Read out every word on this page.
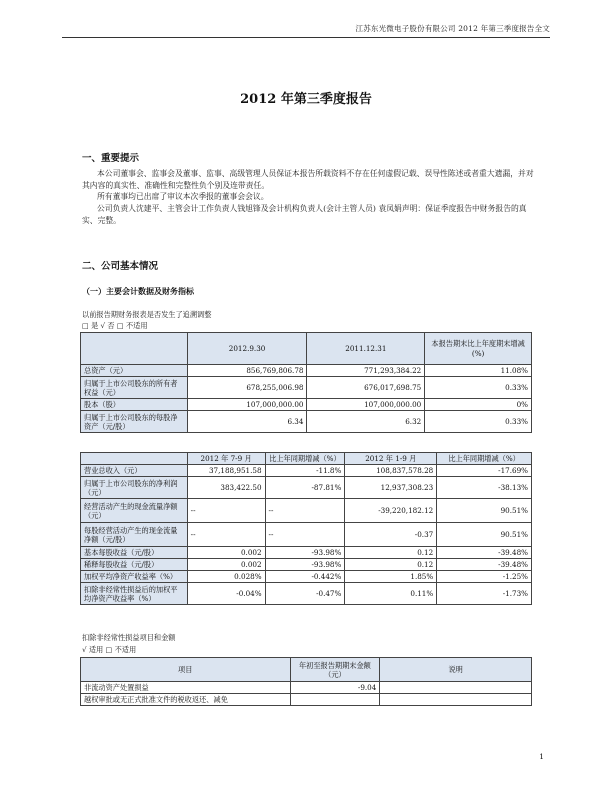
江苏东光微电子股份有限公司 2012 年第三季度报告全文
2012 年第三季度报告
一、重要提示
本公司董事会、监事会及董事、监事、高级管理人员保证本报告所载资料不存在任何虚假记载、误导性陈述或者重大遗漏，并对其内容的真实性、准确性和完整性负个别及连带责任。
所有董事均已出席了审议本次季报的董事会会议。
公司负责人沈建平、主管会计工作负责人钱旭锋及会计机构负责人(会计主管人员) 袁凤娟声明：保证季度报告中财务报告的真实、完整。
二、公司基本情况
（一）主要会计数据及财务指标
以前报告期财务报表是否发生了追溯调整
□ 是 √ 否 □ 不适用
	2012.9.30	2011.12.31	本报告期末比上年度期末增减(%)
总资产（元）	856,769,806.78	771,293,384.22	11.08%
归属于上市公司股东的所有者权益（元）	678,255,006.98	676,017,698.75	0.33%
股本（股）	107,000,000.00	107,000,000.00	0%
归属于上市公司股东的每股净资产（元/股）	6.34	6.32	0.33%
	2012 年 7-9 月	比上年同期增减（%）	2012 年 1-9 月	比上年同期增减（%）
营业总收入（元）	37,188,951.58	-11.8%	108,837,578.28	-17.69%
归属于上市公司股东的净利润（元）	383,422.50	-87.81%	12,937,308.23	-38.13%
经营活动产生的现金流量净额（元）	--	--	-39,220,182.12	90.51%
每股经营活动产生的现金流量净额（元/股）	--	--	-0.37	90.51%
基本每股收益（元/股）	0.002	-93.98%	0.12	-39.48%
稀释每股收益（元/股）	0.002	-93.98%	0.12	-39.48%
加权平均净资产收益率（%）	0.028%	-0.442%	1.85%	-1.25%
扣除非经常性损益后的加权平均净资产收益率（%）	-0.04%	-0.47%	0.11%	-1.73%
扣除非经常性损益项目和金额
√ 适用 □ 不适用
项目	年初至报告期期末金额（元）	说明
非流动资产处置损益	-9.04	
越权审批或无正式批准文件的税收返还、减免		
1
